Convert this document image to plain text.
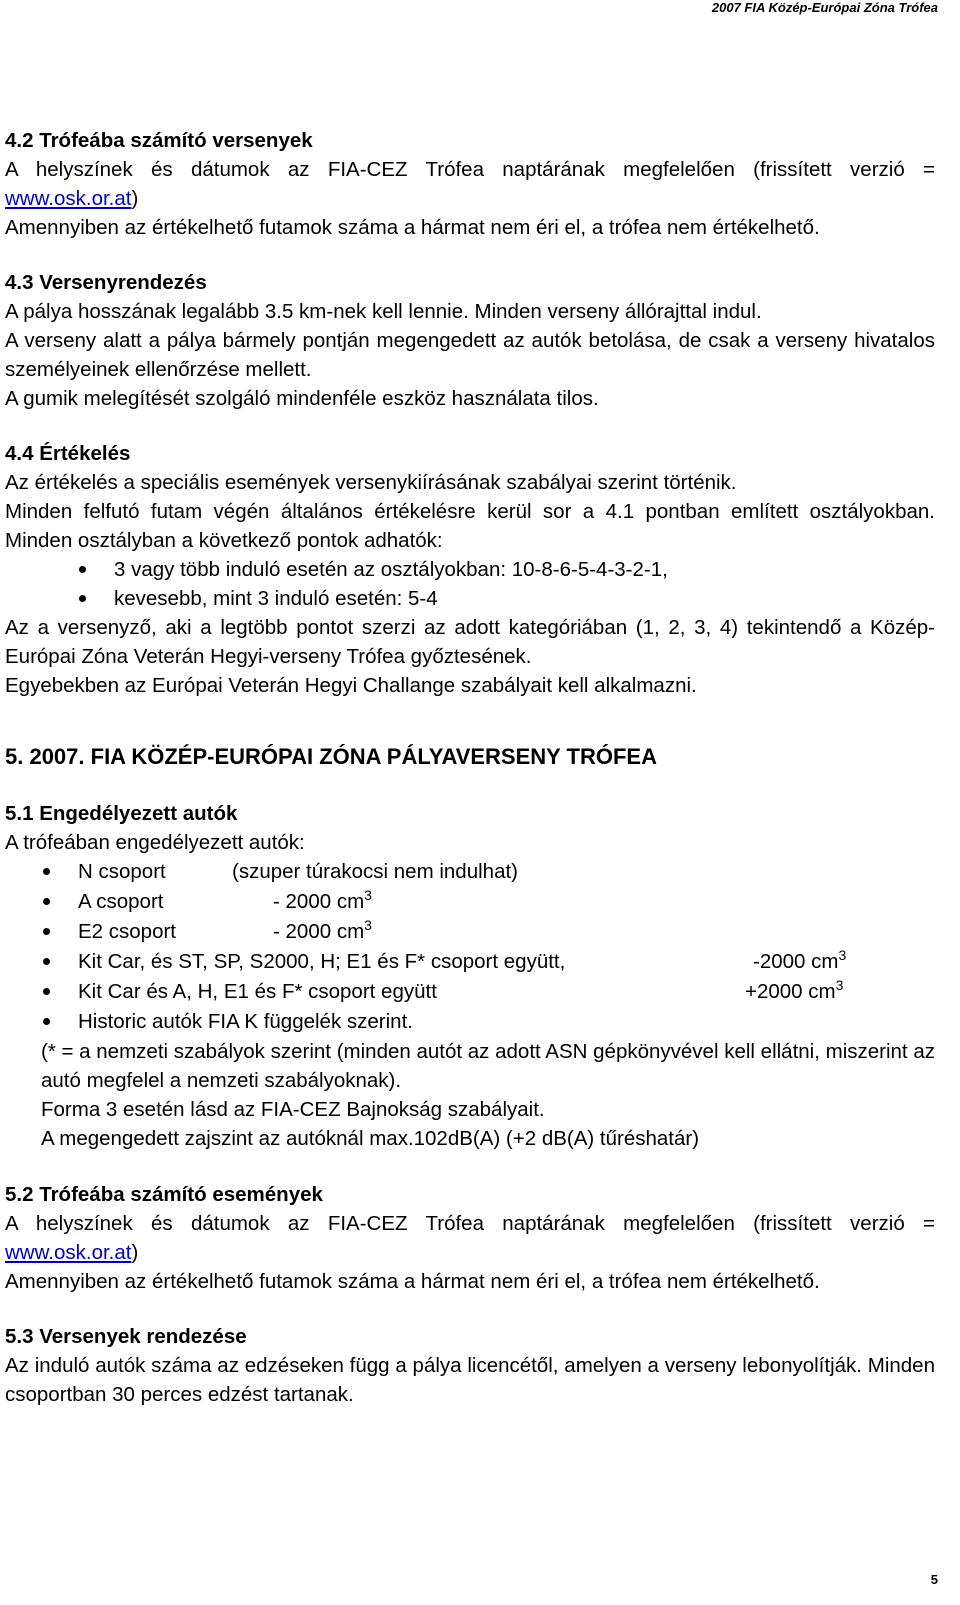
2007 FIA Közép-Európai Zóna Trófea
4.2 Trófeába számító versenyek

A helyszínek és dátumok az FIA-CEZ Trófea naptárának megfelelően (frissített verzió = www.osk.or.at)

Amennyiben az értékelhető futamok száma a hármat nem éri el, a trófea nem értékelhető.

4.3 Versenyrendezés

A pálya hosszának legalább 3.5 km-nek kell lennie. Minden verseny állórajttal indul.

A verseny alatt a pálya bármely pontján megengedett az autók betolása, de csak a verseny hivatalos személyeinek ellenőrzése mellett.

A gumik melegítését szolgáló mindenféle eszköz használata tilos.

4.4 Értékelés

Az értékelés a speciális események versenykiírásának szabályai szerint történik.

Minden felfutó futam végén általános értékelésre kerül sor a 4.1 pontban említett osztályokban. Minden osztályban a következő pontok adhatók:

3 vagy több induló esetén az osztályokban: 10-8-6-5-4-3-2-1,
kevesebb, mint 3 induló esetén: 5-4

Az a versenyző, aki a legtöbb pontot szerzi az adott kategóriában (1, 2, 3, 4) tekintendő a Közép-Európai Zóna Veterán Hegyi-verseny Trófea győztesének.

Egyebekben az Európai Veterán Hegyi Challange szabályait kell alkalmazni.

5. 2007. FIA KÖZÉP-EURÓPAI ZÓNA PÁLYAVERSENY TRÓFEA
5.1 Engedélyezett autók

A trófeában engedélyezett autók:

N csoport	(szuper túrakocsi nem indulhat)
A csoport	- 2000 $cm^3$
E2 csoport	- 2000 $cm^3$
Kit Car, és ST, SP, S2000, H; E1 és F* csoport együtt,	-2000 $cm^3$
Kit Car és A, H, E1 és F* csoport együtt	+2000 $cm^3$
Historic autók FIA K függelék szerint.

(* = a nemzeti szabályok szerint (minden autót az adott ASN gépkönyvével kell ellátni, miszerint az autó megfelel a nemzeti szabályoknak).

Forma 3 esetén lásd az FIA-CEZ Bajnokság szabályait.

A megengedett zajszint az autóknál max.102dB(A) (+2 dB(A) tűréshatár)

5.2 Trófeába számító események

A helyszínek és dátumok az FIA-CEZ Trófea naptárának megfelelően (frissített verzió = www.osk.or.at)

Amennyiben az értékelhető futamok száma a hármat nem éri el, a trófea nem értékelhető.

5.3 Versenyek rendezése

Az induló autók száma az edzéseken függ a pálya licencétől, amelyen a verseny lebonyolítják. Minden csoportban 30 perces edzést tartanak.

5
